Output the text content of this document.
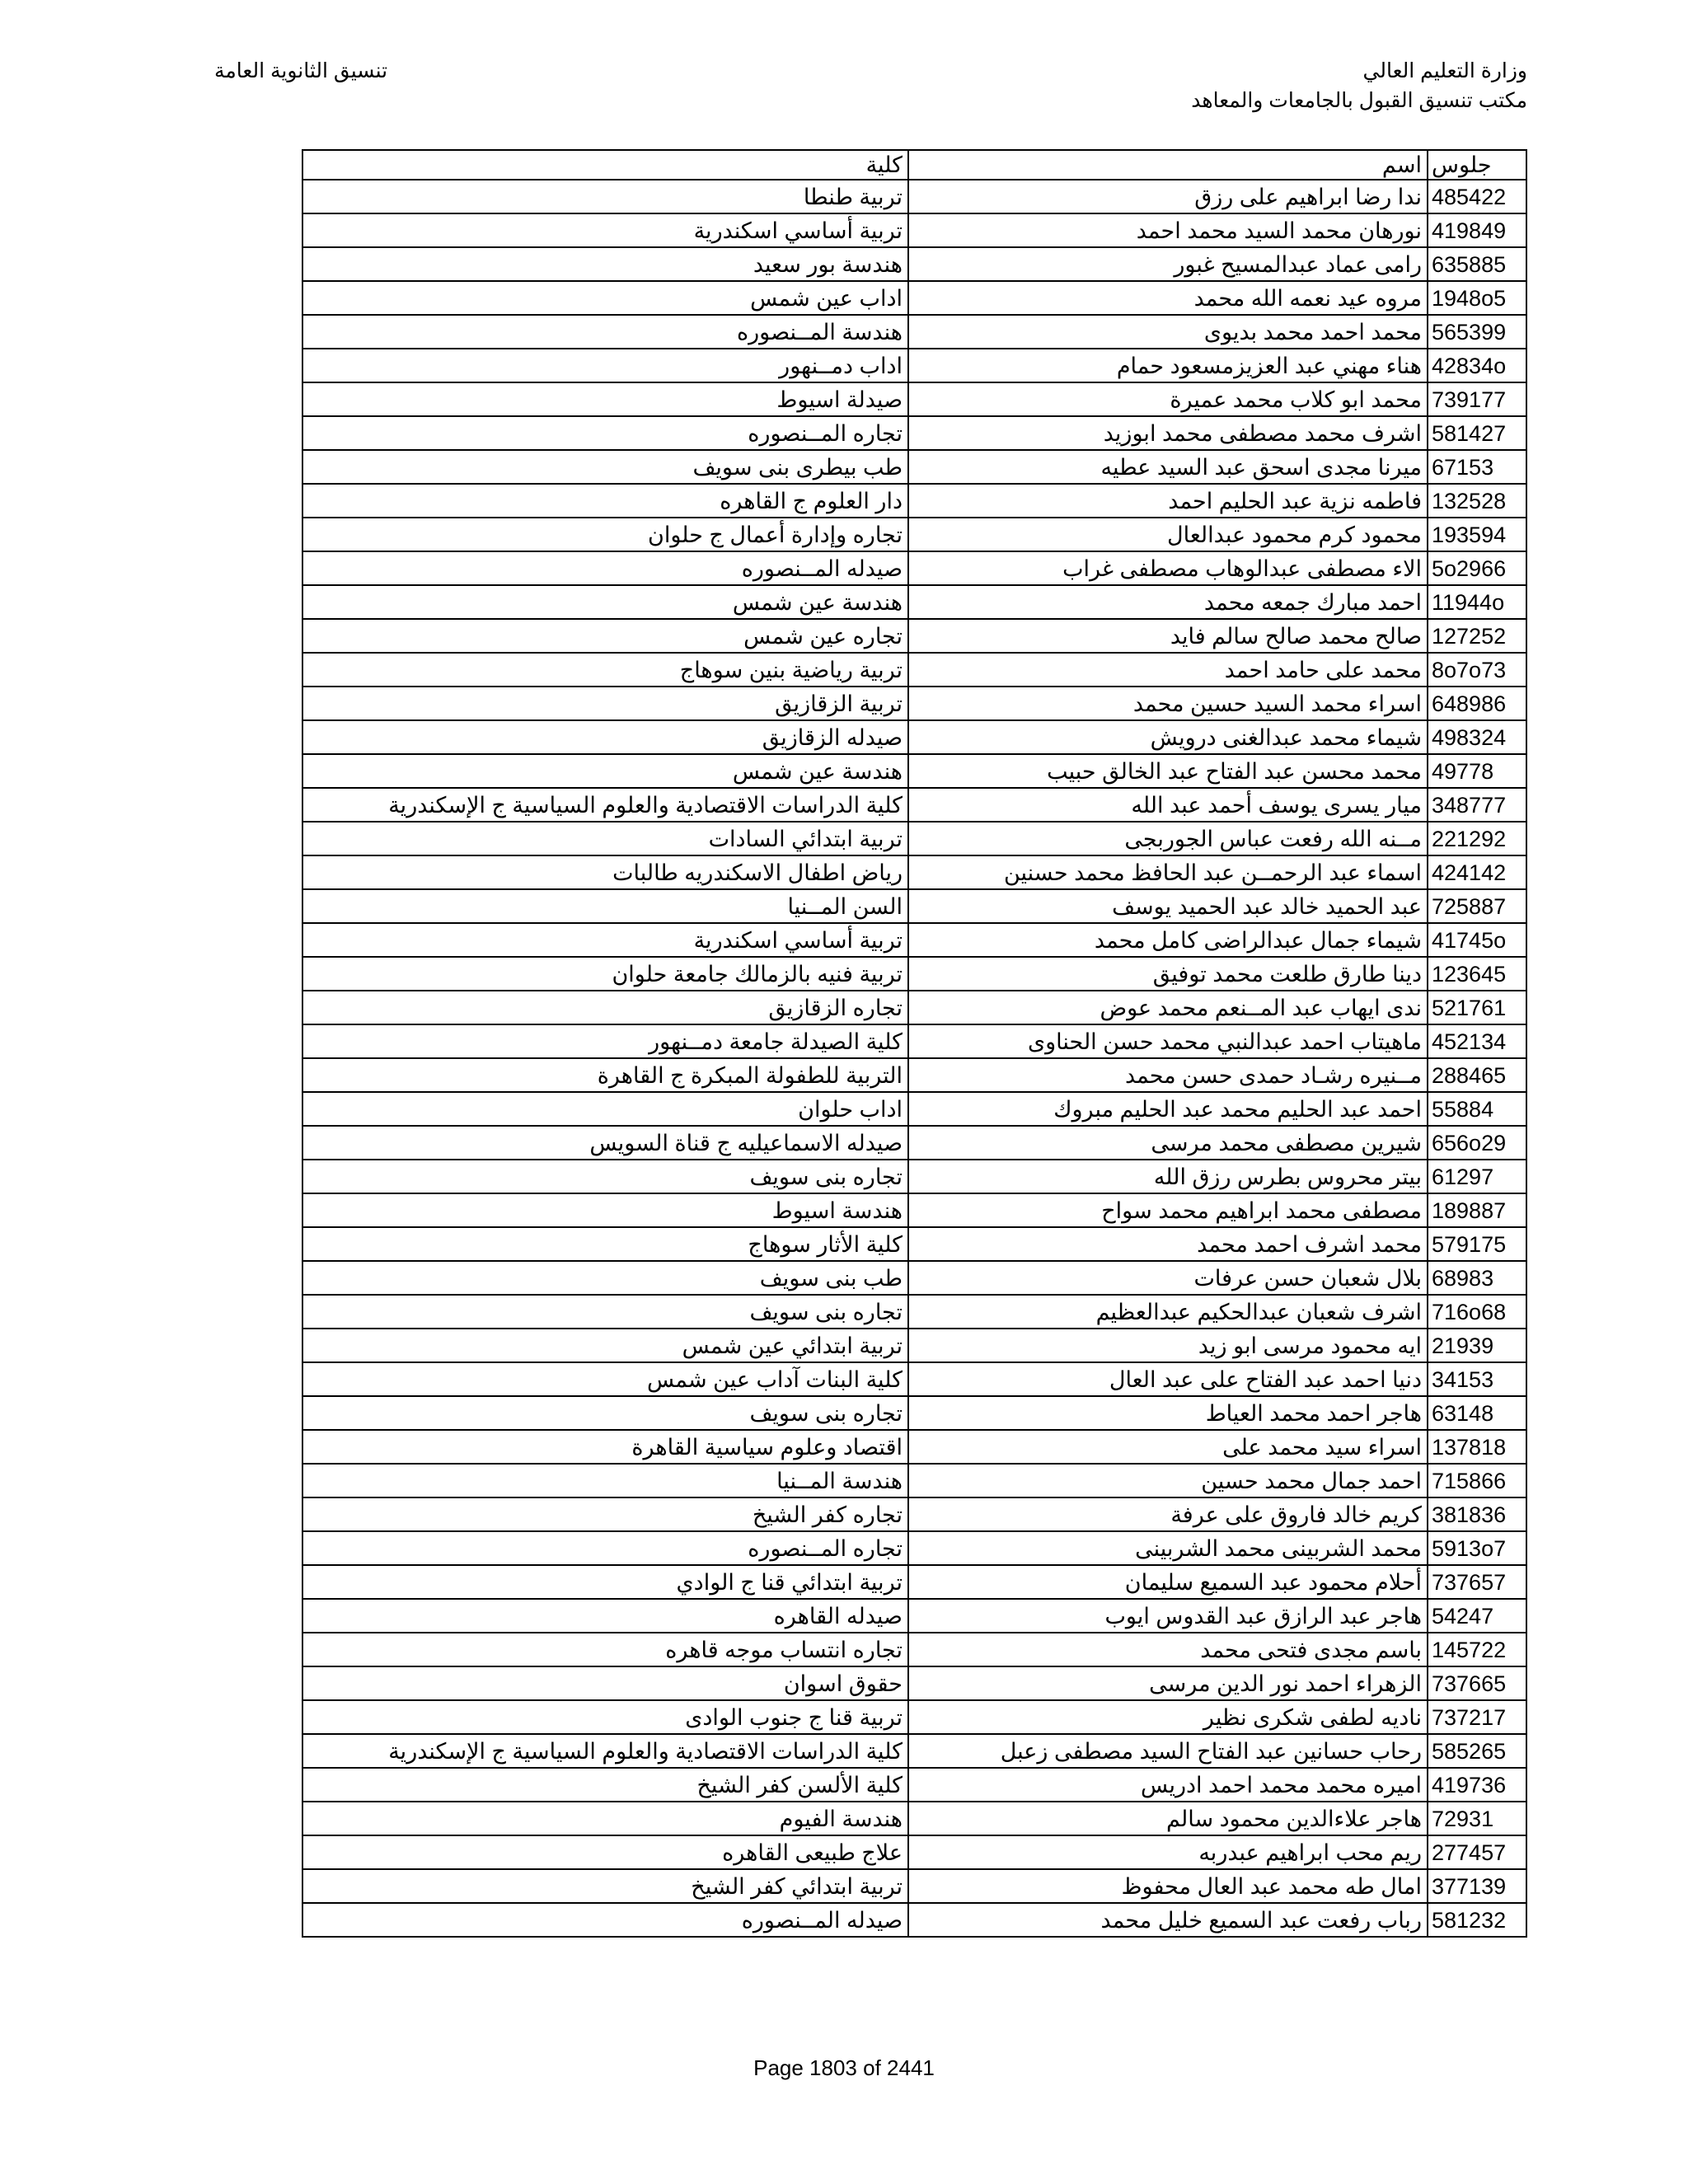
وزارة التعليم العالي
مكتب تنسيق القبول بالجامعات والمعاهد
تنسيق الثانوية العامة
جلوس	اسم	كلية
485422	ندا رضا ابراهيم على رزق	تربية طنطا
419849	نورهان محمد السيد محمد احمد	تربية أساسي اسكندرية
635885	رامى عماد عبدالمسيح غبور	هندسة بور سعيد
1948o5	مروه عيد نعمه الله محمد	اداب عين شمس
565399	محمد احمد محمد بديوى	هندسة المــنصوره
42834o	هناء مهني عبد العزيزمسعود حمام	اداب دمــنهور
739177	محمد ابو كلاب محمد عميرة	صيدلة اسيوط
581427	اشرف محمد مصطفى محمد ابوزيد	تجاره المــنصوره
67153	ميرنا مجدى اسحق عبد السيد عطيه	طب بيطرى بنى سويف
132528	فاطمه نزية عبد الحليم احمد	دار العلوم ج القاهره
193594	محمود كرم محمود عبدالعال	تجاره وإدارة أعمال ج حلوان
5o2966	الاء مصطفى عبدالوهاب مصطفى غراب	صيدله المــنصوره
11944o	احمد مبارك جمعه محمد	هندسة عين شمس
127252	صالح محمد صالح سالم فايد	تجاره عين شمس
8o7o73	محمد على حامد احمد	تربية رياضية بنين سوهاج
648986	اسراء محمد السيد حسين محمد	تربية الزقازيق
498324	شيماء محمد عبدالغنى درويش	صيدله الزقازيق
49778	محمد محسن عبد الفتاح عبد الخالق حبيب	هندسة عين شمس
348777	ميار يسرى يوسف أحمد عبد الله	كلية الدراسات الاقتصادية والعلوم السياسية ج الإسكندرية
221292	مــنه الله رفعت عباس الجوربجى	تربية ابتدائي السادات
424142	اسماء عبد الرحمــن عبد الحافظ محمد حسنين	رياض اطفال الاسكندريه طالبات
725887	عبد الحميد خالد عبد الحميد يوسف	السن المــنيا
41745o	شيماء جمال عبدالراضى كامل محمد	تربية أساسي اسكندرية
123645	دينا طارق طلعت محمد توفيق	تربية فنيه بالزمالك جامعة حلوان
521761	ندى ايهاب عبد المــنعم محمد عوض	تجاره الزقازيق
452134	ماهيتاب احمد عبدالنبي محمد حسن الحناوى	كلية الصيدلة جامعة دمــنهور
288465	مــنيره رشـاد حمدى حسن محمد	التربية للطفولة المبكرة ج القاهرة
55884	احمد عبد الحليم محمد عبد الحليم مبروك	اداب حلوان
656o29	شيرين مصطفى محمد مرسى	صيدله الاسماعيليه ج قناة السويس
61297	بيتر محروس بطرس رزق الله	تجاره بنى سويف
189887	مصطفى محمد ابراهيم محمد سواح	هندسة اسيوط
579175	محمد اشرف احمد محمد	كلية الأثار سوهاج
68983	بلال شعبان حسن عرفات	طب بنى سويف
716o68	اشرف شعبان عبدالحكيم عبدالعظيم	تجاره بنى سويف
21939	ايه محمود مرسى ابو زيد	تربية ابتدائي عين شمس
34153	دنيا احمد عبد الفتاح على عبد العال	كلية البنات آداب عين شمس
63148	هاجر احمد محمد العياط	تجاره بنى سويف
137818	اسراء سيد محمد على	اقتصاد وعلوم سياسية القاهرة
715866	احمد جمال محمد حسين	هندسة المــنيا
381836	كريم خالد فاروق على عرفة	تجاره كفر الشيخ
5913o7	محمد الشربينى محمد الشربينى	تجاره المــنصوره
737657	أحلام محمود عبد السميع سليمان	تربية ابتدائي قنا ج الوادي
54247	هاجر عبد الرازق عبد القدوس ايوب	صيدله القاهره
145722	باسم مجدى فتحى محمد	تجاره انتساب موجه قاهره
737665	الزهراء احمد نور الدين مرسى	حقوق اسوان
737217	ناديه لطفى شكرى نظير	تربية قنا ج جنوب الوادى
585265	رحاب حسانين عبد الفتاح السيد مصطفى زعبل	كلية الدراسات الاقتصادية والعلوم السياسية ج الإسكندرية
419736	اميره محمد محمد احمد ادريس	كلية الألسن كفر الشيخ
72931	هاجر علاءالدين محمود سالم	هندسة الفيوم
277457	ريم محب ابراهيم عبدربه	علاج طبيعى القاهره
377139	امال طه محمد عبد العال محفوظ	تربية ابتدائي كفر الشيخ
581232	رباب رفعت عبد السميع خليل محمد	صيدله المــنصوره
Page 1803 of 2441
